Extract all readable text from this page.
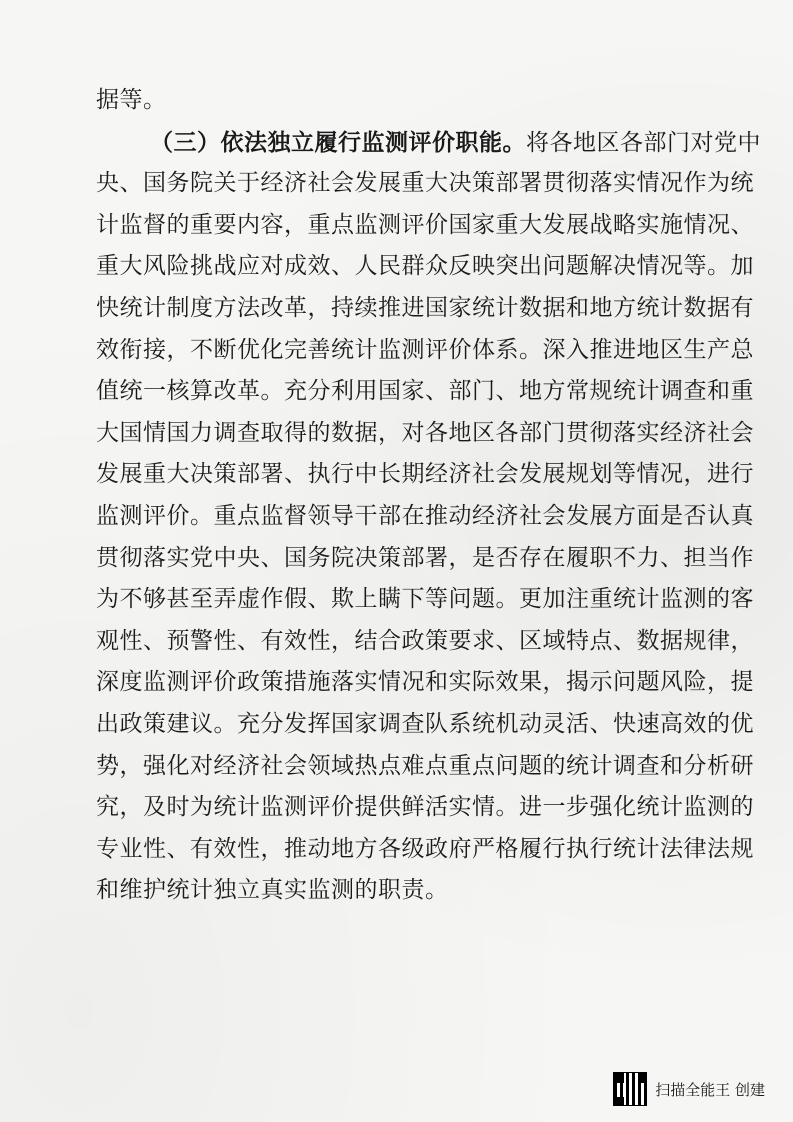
据等。
（三）依法独立履行监测评价职能。将各地区各部门对党中
央、国务院关于经济社会发展重大决策部署贯彻落实情况作为统
计监督的重要内容，重点监测评价国家重大发展战略实施情况、
重大风险挑战应对成效、人民群众反映突出问题解决情况等。加
快统计制度方法改革，持续推进国家统计数据和地方统计数据有
效衔接，不断优化完善统计监测评价体系。深入推进地区生产总
值统一核算改革。充分利用国家、部门、地方常规统计调查和重
大国情国力调查取得的数据，对各地区各部门贯彻落实经济社会
发展重大决策部署、执行中长期经济社会发展规划等情况，进行
监测评价。重点监督领导干部在推动经济社会发展方面是否认真
贯彻落实党中央、国务院决策部署，是否存在履职不力、担当作
为不够甚至弄虚作假、欺上瞒下等问题。更加注重统计监测的客
观性、预警性、有效性，结合政策要求、区域特点、数据规律，
深度监测评价政策措施落实情况和实际效果，揭示问题风险，提
出政策建议。充分发挥国家调查队系统机动灵活、快速高效的优
势，强化对经济社会领域热点难点重点问题的统计调查和分析研
究，及时为统计监测评价提供鲜活实情。进一步强化统计监测的
专业性、有效性，推动地方各级政府严格履行执行统计法律法规
和维护统计独立真实监测的职责。
扫描全能王 创建
